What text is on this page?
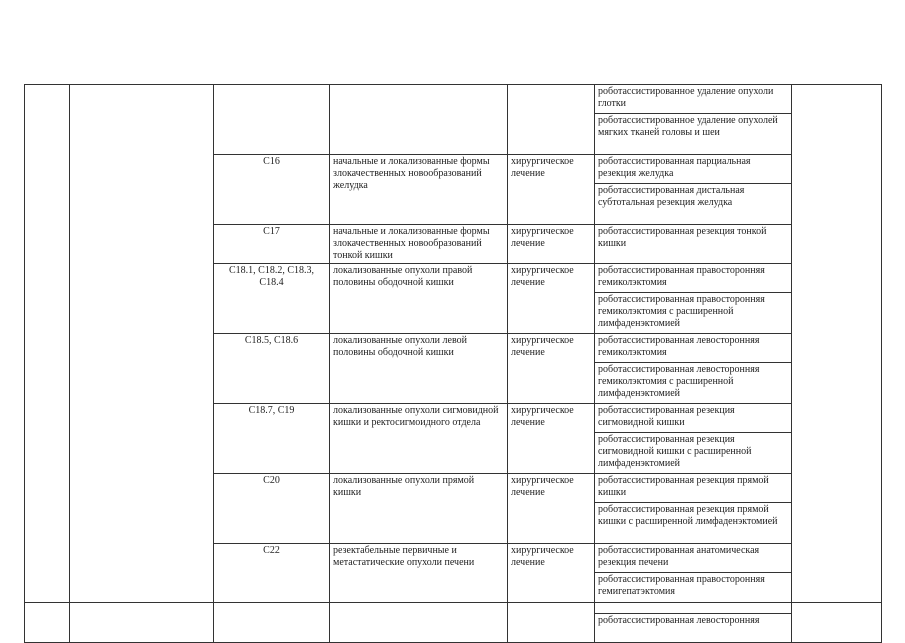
					роботассистированное удаление опухоли глотки	
					роботассистированное удаление опухолей мягких тканей головы и шеи	
		C16	начальные и локализованные формы злокачественных новообразований желудка	хирургическое лечение	роботассистированная парциальная резекция желудка	
					роботассистированная дистальная субтотальная резекция желудка	
		C17	начальные и локализованные формы злокачественных новообразований тонкой кишки	хирургическое лечение	роботассистированная резекция тонкой кишки	
		C18.1, C18.2, C18.3, C18.4	локализованные опухоли правой половины ободочной кишки	хирургическое лечение	роботассистированная правосторонняя гемиколэктомия	
					роботассистированная правосторонняя гемиколэктомия с расширенной лимфаденэктомией	
		C18.5, C18.6	локализованные опухоли левой половины ободочной кишки	хирургическое лечение	роботассистированная левосторонняя гемиколэктомия	
					роботассистированная левосторонняя гемиколэктомия с расширенной лимфаденэктомией	
		C18.7, C19	локализованные опухоли сигмовидной кишки и ректосигмоидного отдела	хирургическое лечение	роботассистированная резекция сигмовидной кишки	
					роботассистированная резекция сигмовидной кишки с расширенной лимфаденэктомией	
		C20	локализованные опухоли прямой кишки	хирургическое лечение	роботассистированная резекция прямой кишки	
					роботассистированная резекция прямой кишки с расширенной лимфаденэктомией	
		C22	резектабельные первичные и метастатические опухоли печени	хирургическое лечение	роботассистированная анатомическая резекция печени	
					роботассистированная правосторонняя гемигепатэктомия	
					роботассистированная левосторонняя	
